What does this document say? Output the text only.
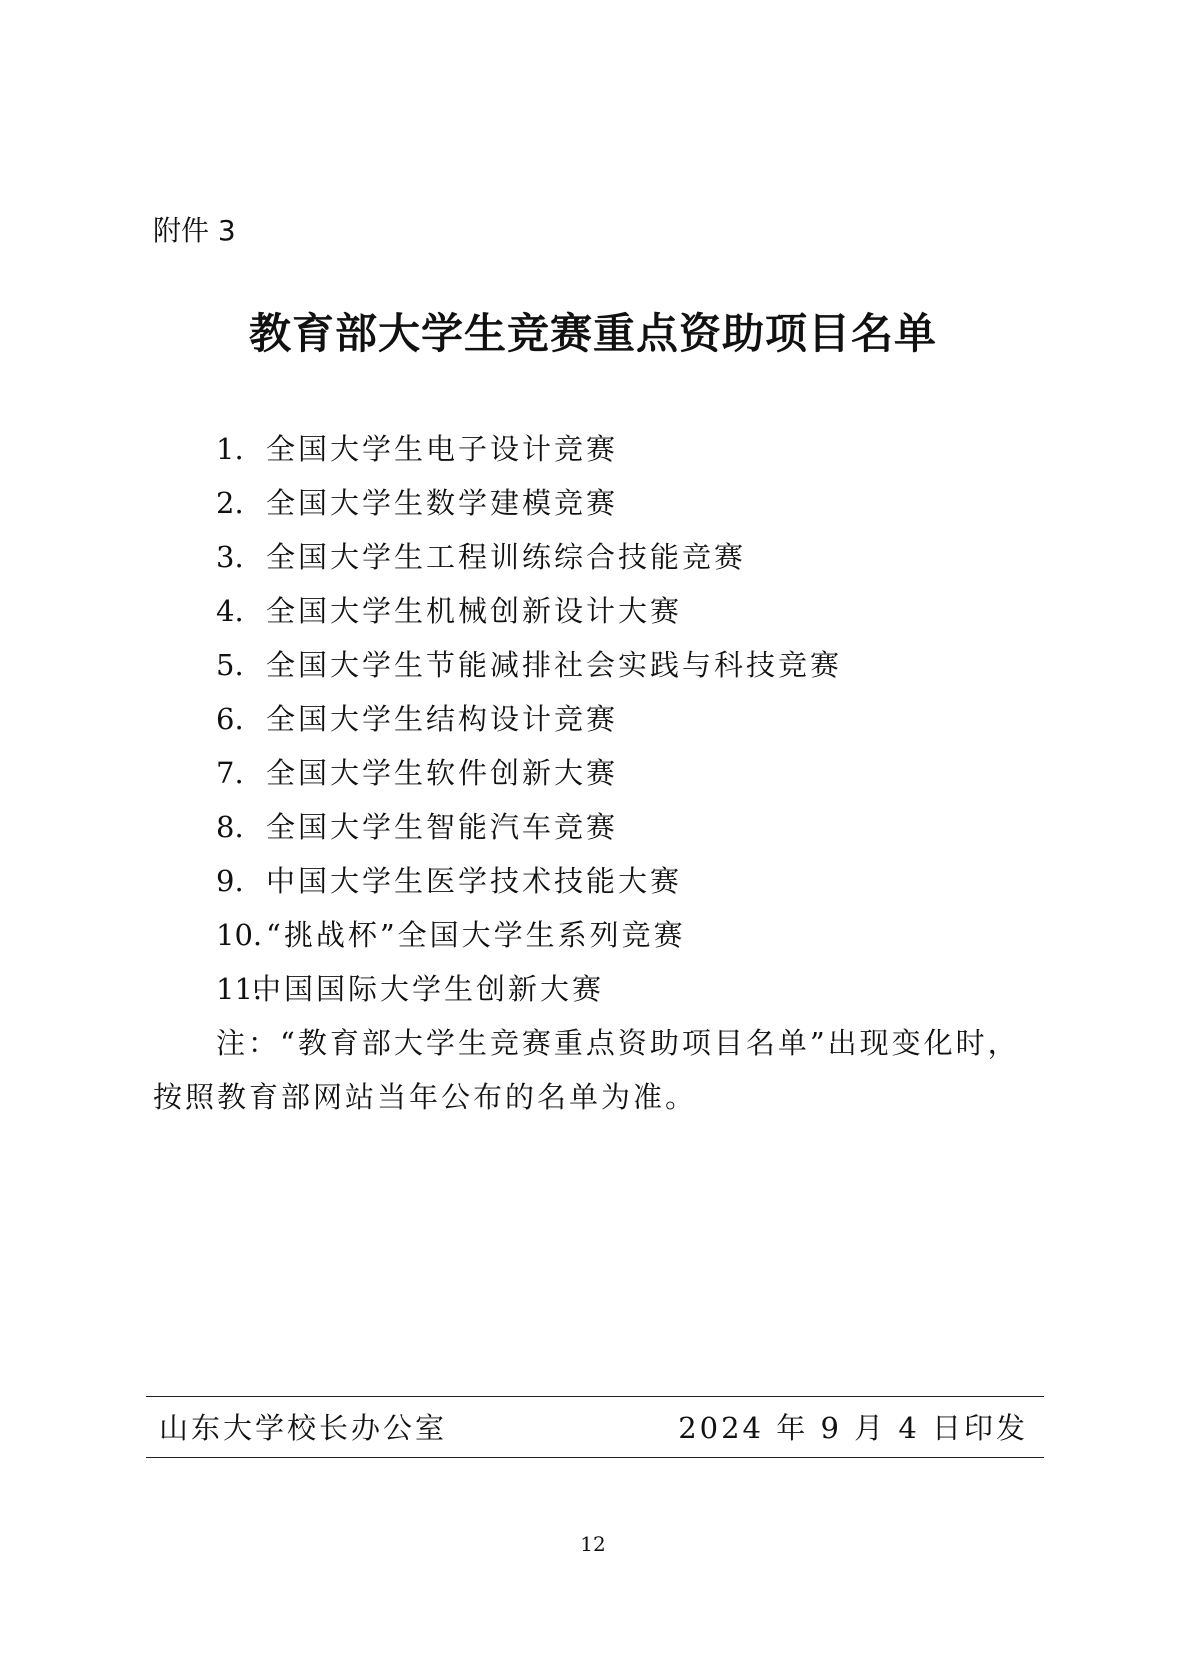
附件 3
教育部大学生竞赛重点资助项目名单
1. 全国大学生电子设计竞赛
2. 全国大学生数学建模竞赛
3. 全国大学生工程训练综合技能竞赛
4. 全国大学生机械创新设计大赛
5. 全国大学生节能减排社会实践与科技竞赛
6. 全国大学生结构设计竞赛
7. 全国大学生软件创新大赛
8. 全国大学生智能汽车竞赛
9. 中国大学生医学技术技能大赛
10. “挑战杯”全国大学生系列竞赛
11.中国国际大学生创新大赛
注：“教育部大学生竞赛重点资助项目名单”出现变化时，
按照教育部网站当年公布的名单为准。
山东大学校长办公室	2024 年 9 月 4 日印发
12
